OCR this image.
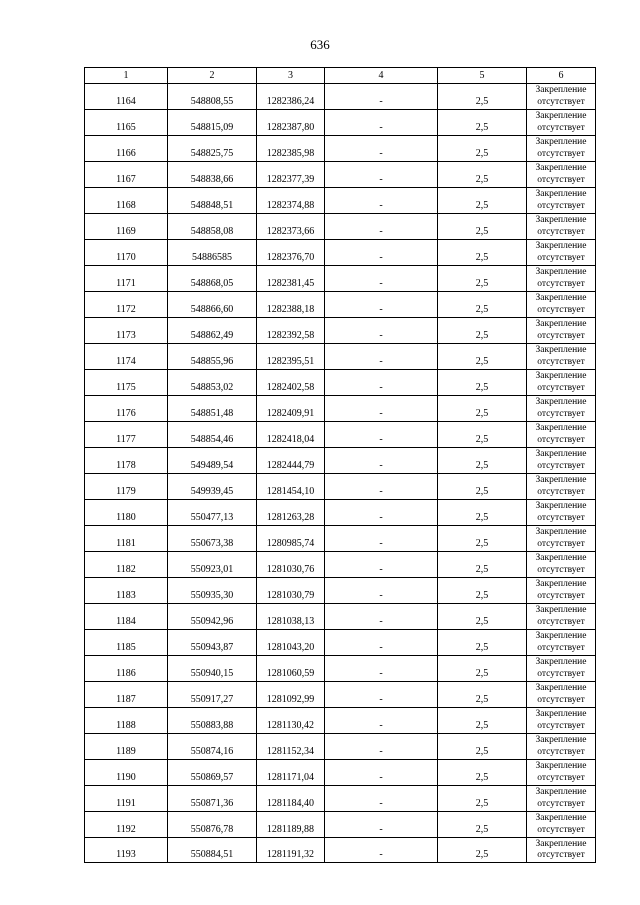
636
1	2	3	4	5	6
1164	548808,55	1282386,24	-	2,5	Закрепление отсутствует
1165	548815,09	1282387,80	-	2,5	Закрепление отсутствует
1166	548825,75	1282385,98	-	2,5	Закрепление отсутствует
1167	548838,66	1282377,39	-	2,5	Закрепление отсутствует
1168	548848,51	1282374,88	-	2,5	Закрепление отсутствует
1169	548858,08	1282373,66	-	2,5	Закрепление отсутствует
1170	54886585	1282376,70	-	2,5	Закрепление отсутствует
1171	548868,05	1282381,45	-	2,5	Закрепление отсутствует
1172	548866,60	1282388,18	-	2,5	Закрепление отсутствует
1173	548862,49	1282392,58	-	2,5	Закрепление отсутствует
1174	548855,96	1282395,51	-	2,5	Закрепление отсутствует
1175	548853,02	1282402,58	-	2,5	Закрепление отсутствует
1176	548851,48	1282409,91	-	2,5	Закрепление отсутствует
1177	548854,46	1282418,04	-	2,5	Закрепление отсутствует
1178	549489,54	1282444,79	-	2,5	Закрепление отсутствует
1179	549939,45	1281454,10	-	2,5	Закрепление отсутствует
1180	550477,13	1281263,28	-	2,5	Закрепление отсутствует
1181	550673,38	1280985,74	-	2,5	Закрепление отсутствует
1182	550923,01	1281030,76	-	2,5	Закрепление отсутствует
1183	550935,30	1281030,79	-	2,5	Закрепление отсутствует
1184	550942,96	1281038,13	-	2,5	Закрепление отсутствует
1185	550943,87	1281043,20	-	2,5	Закрепление отсутствует
1186	550940,15	1281060,59	-	2,5	Закрепление отсутствует
1187	550917,27	1281092,99	-	2,5	Закрепление отсутствует
1188	550883,88	1281130,42	-	2,5	Закрепление отсутствует
1189	550874,16	1281152,34	-	2,5	Закрепление отсутствует
1190	550869,57	1281171,04	-	2,5	Закрепление отсутствует
1191	550871,36	1281184,40	-	2,5	Закрепление отсутствует
1192	550876,78	1281189,88	-	2,5	Закрепление отсутствует
1193	550884,51	1281191,32	-	2,5	Закрепление отсутствует
